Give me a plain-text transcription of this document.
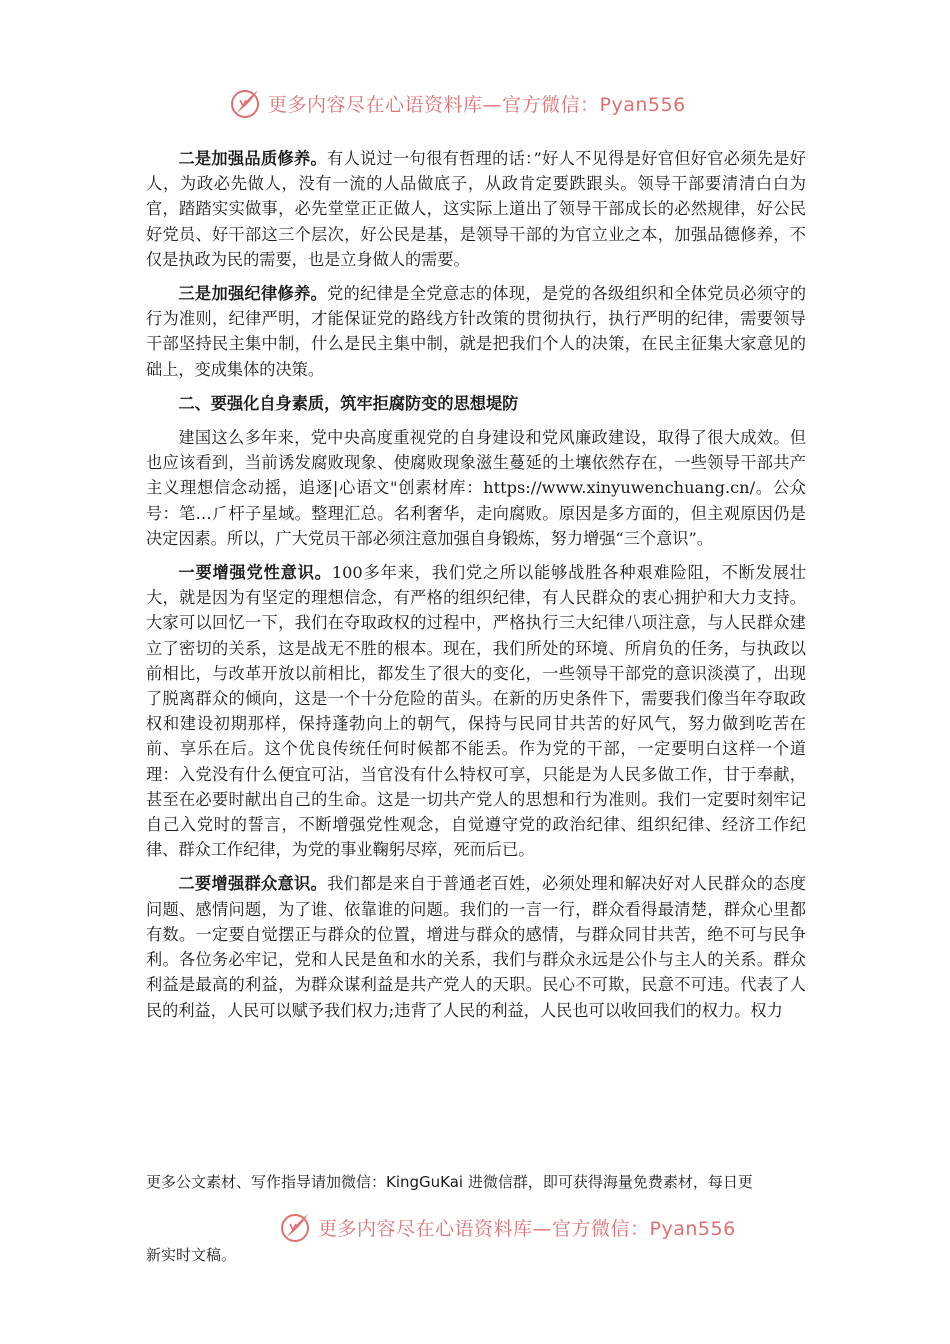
更多内容尽在心语资料库—官方微信：Pyan556

二是加强品质修养。有人说过一句很有哲理的话：”好人不见得是好官但好官必须先是好人，为政必先做人，没有一流的人品做底子，从政肯定要跌跟头。领导干部要清清白白为官，踏踏实实做事，必先堂堂正正做人，这实际上道出了领导干部成长的必然规律，好公民好党员、好干部这三个层次，好公民是基，是领导干部的为官立业之本，加强品德修养，不仅是执政为民的需要，也是立身做人的需要。

三是加强纪律修养。党的纪律是全党意志的体现，是党的各级组织和全体党员必须守的行为准则，纪律严明，才能保证党的路线方针改策的贯彻执行，执行严明的纪律，需要领导干部坚持民主集中制，什么是民主集中制，就是把我们个人的决策，在民主征集大家意见的础上，变成集体的决策。

二、要强化自身素质，筑牢拒腐防变的思想堤防

建国这么多年来，党中央高度重视党的自身建设和党风廉政建设，取得了很大成效。但也应该看到，当前诱发腐败现象、使腐败现象滋生蔓延的土壤依然存在，一些领导干部共产主义理想信念动摇，追逐|心语文"创素材库：https://www.xinyuwenchuang.cn/。公众号：笔…⺁杆子星域。整理汇总。名利奢华，走向腐败。原因是多方面的，但主观原因仍是决定因素。所以，广大党员干部必须注意加强自身锻炼，努力增强“三个意识”。

一要增强党性意识。100多年来，我们党之所以能够战胜各种艰难险阻，不断发展壮大，就是因为有坚定的理想信念，有严格的组织纪律，有人民群众的衷心拥护和大力支持。大家可以回忆一下，我们在夺取政权的过程中，严格执行三大纪律八项注意，与人民群众建立了密切的关系，这是战无不胜的根本。现在，我们所处的环境、所肩负的任务，与执政以前相比，与改革开放以前相比，都发生了很大的变化，一些领导干部党的意识淡漠了，出现了脱离群众的倾向，这是一个十分危险的苗头。在新的历史条件下，需要我们像当年夺取政权和建设初期那样，保持蓬勃向上的朝气，保持与民同甘共苦的好风气，努力做到吃苦在前、享乐在后。这个优良传统任何时候都不能丢。作为党的干部，一定要明白这样一个道理：入党没有什么便宜可沾，当官没有什么特权可享，只能是为人民多做工作，甘于奉献，甚至在必要时献出自己的生命。这是一切共产党人的思想和行为准则。我们一定要时刻牢记自己入党时的誓言，不断增强党性观念，自觉遵守党的政治纪律、组织纪律、经济工作纪律、群众工作纪律，为党的事业鞠躬尽瘁，死而后已。

二要增强群众意识。我们都是来自于普通老百姓，必须处理和解决好对人民群众的态度问题、感情问题，为了谁、依靠谁的问题。我们的一言一行，群众看得最清楚，群众心里都有数。一定要自觉摆正与群众的位置，增进与群众的感情，与群众同甘共苦，绝不可与民争利。各位务必牢记，党和人民是鱼和水的关系，我们与群众永远是公仆与主人的关系。群众利益是最高的利益，为群众谋利益是共产党人的天职。民心不可欺，民意不可违。代表了人民的利益，人民可以赋予我们权力;违背了人民的利益，人民也可以收回我们的权力。权力

更多公文素材、写作指导请加微信：KingGuKai 进微信群，即可获得海量免费素材，每日更
更多内容尽在心语资料库—官方微信：Pyan556
新实时文稿。
